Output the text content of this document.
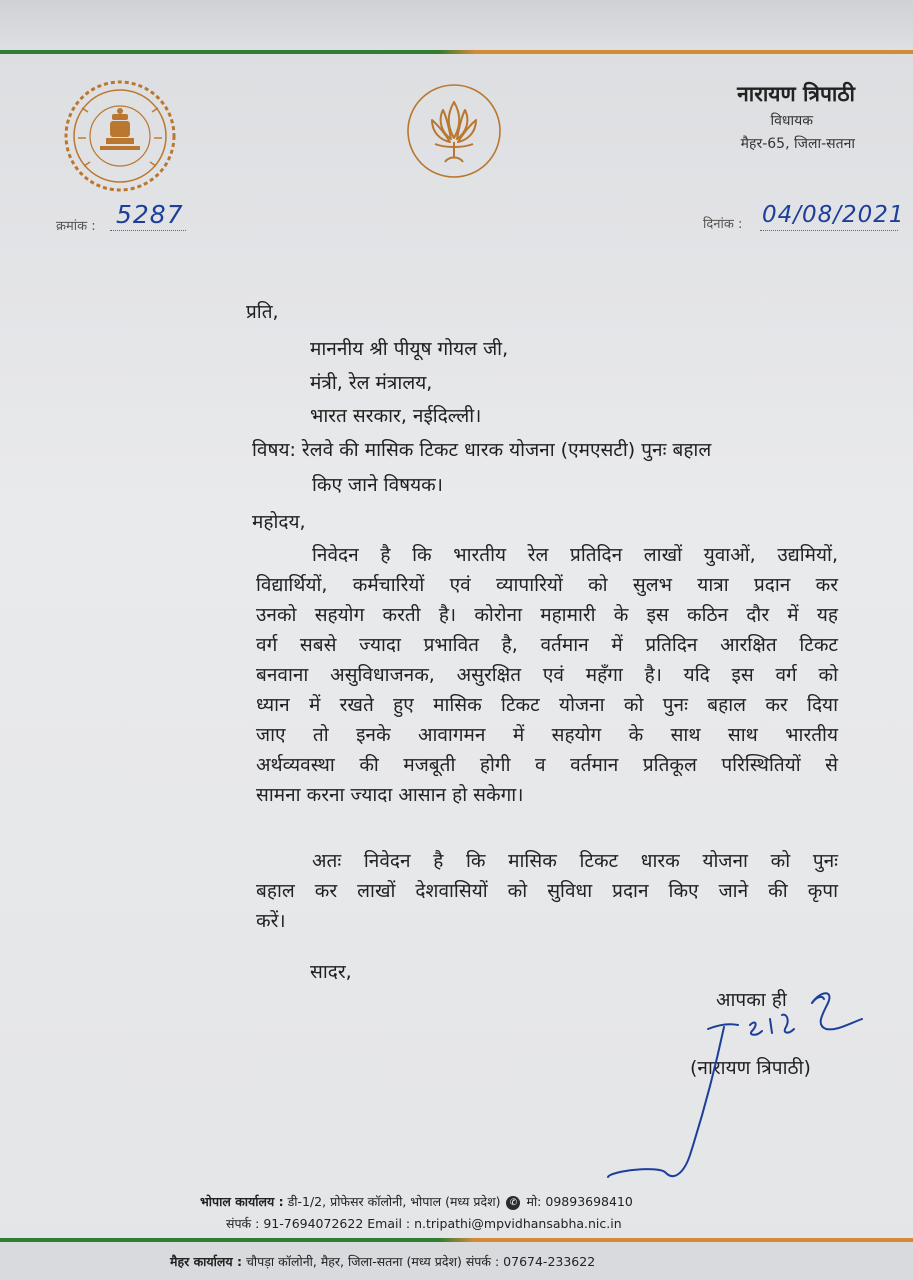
नारायण त्रिपाठी
विधायक
मैहर-65, जिला-सतना
क्रमांक : 5287	दिनांक : 04/08/2021
प्रति,
माननीय श्री पीयूष गोयल जी,
मंत्री, रेल मंत्रालय,
भारत सरकार, नईदिल्ली।
विषय: रेलवे की मासिक टिकट धारक योजना (एमएसटी) पुनः बहाल
किए जाने विषयक।
महोदय,
निवेदन है कि भारतीय रेल प्रतिदिन लाखों युवाओं, उद्यमियों,
विद्यार्थियों, कर्मचारियों एवं व्यापारियों को सुलभ यात्रा प्रदान कर
उनको सहयोग करती है। कोरोना महामारी के इस कठिन दौर में यह
वर्ग सबसे ज्यादा प्रभावित है, वर्तमान में प्रतिदिन आरक्षित टिकट
बनवाना असुविधाजनक, असुरक्षित एवं महँगा है। यदि इस वर्ग को
ध्यान में रखते हुए मासिक टिकट योजना को पुनः बहाल कर दिया
जाए तो इनके आवागमन में सहयोग के साथ साथ भारतीय
अर्थव्यवस्था की मजबूती होगी व वर्तमान प्रतिकूल परिस्थितियों से
सामना करना ज्यादा आसान हो सकेगा।
अतः निवेदन है कि मासिक टिकट धारक योजना को पुनः
बहाल कर लाखों देशवासियों को सुविधा प्रदान किए जाने की कृपा
करें।
सादर,
आपका ही
(नारायण त्रिपाठी)
भोपाल कार्यालय : डी-1/2, प्रोफेसर कॉलोनी, भोपाल (मध्य प्रदेश) ✆ मो: 09893698410
संपर्क : 91-7694072622 Email : n.tripathi@mpvidhansabha.nic.in
मैहर कार्यालय : चौपड़ा कॉलोनी, मैहर, जिला-सतना (मध्य प्रदेश) संपर्क : 07674-233622
